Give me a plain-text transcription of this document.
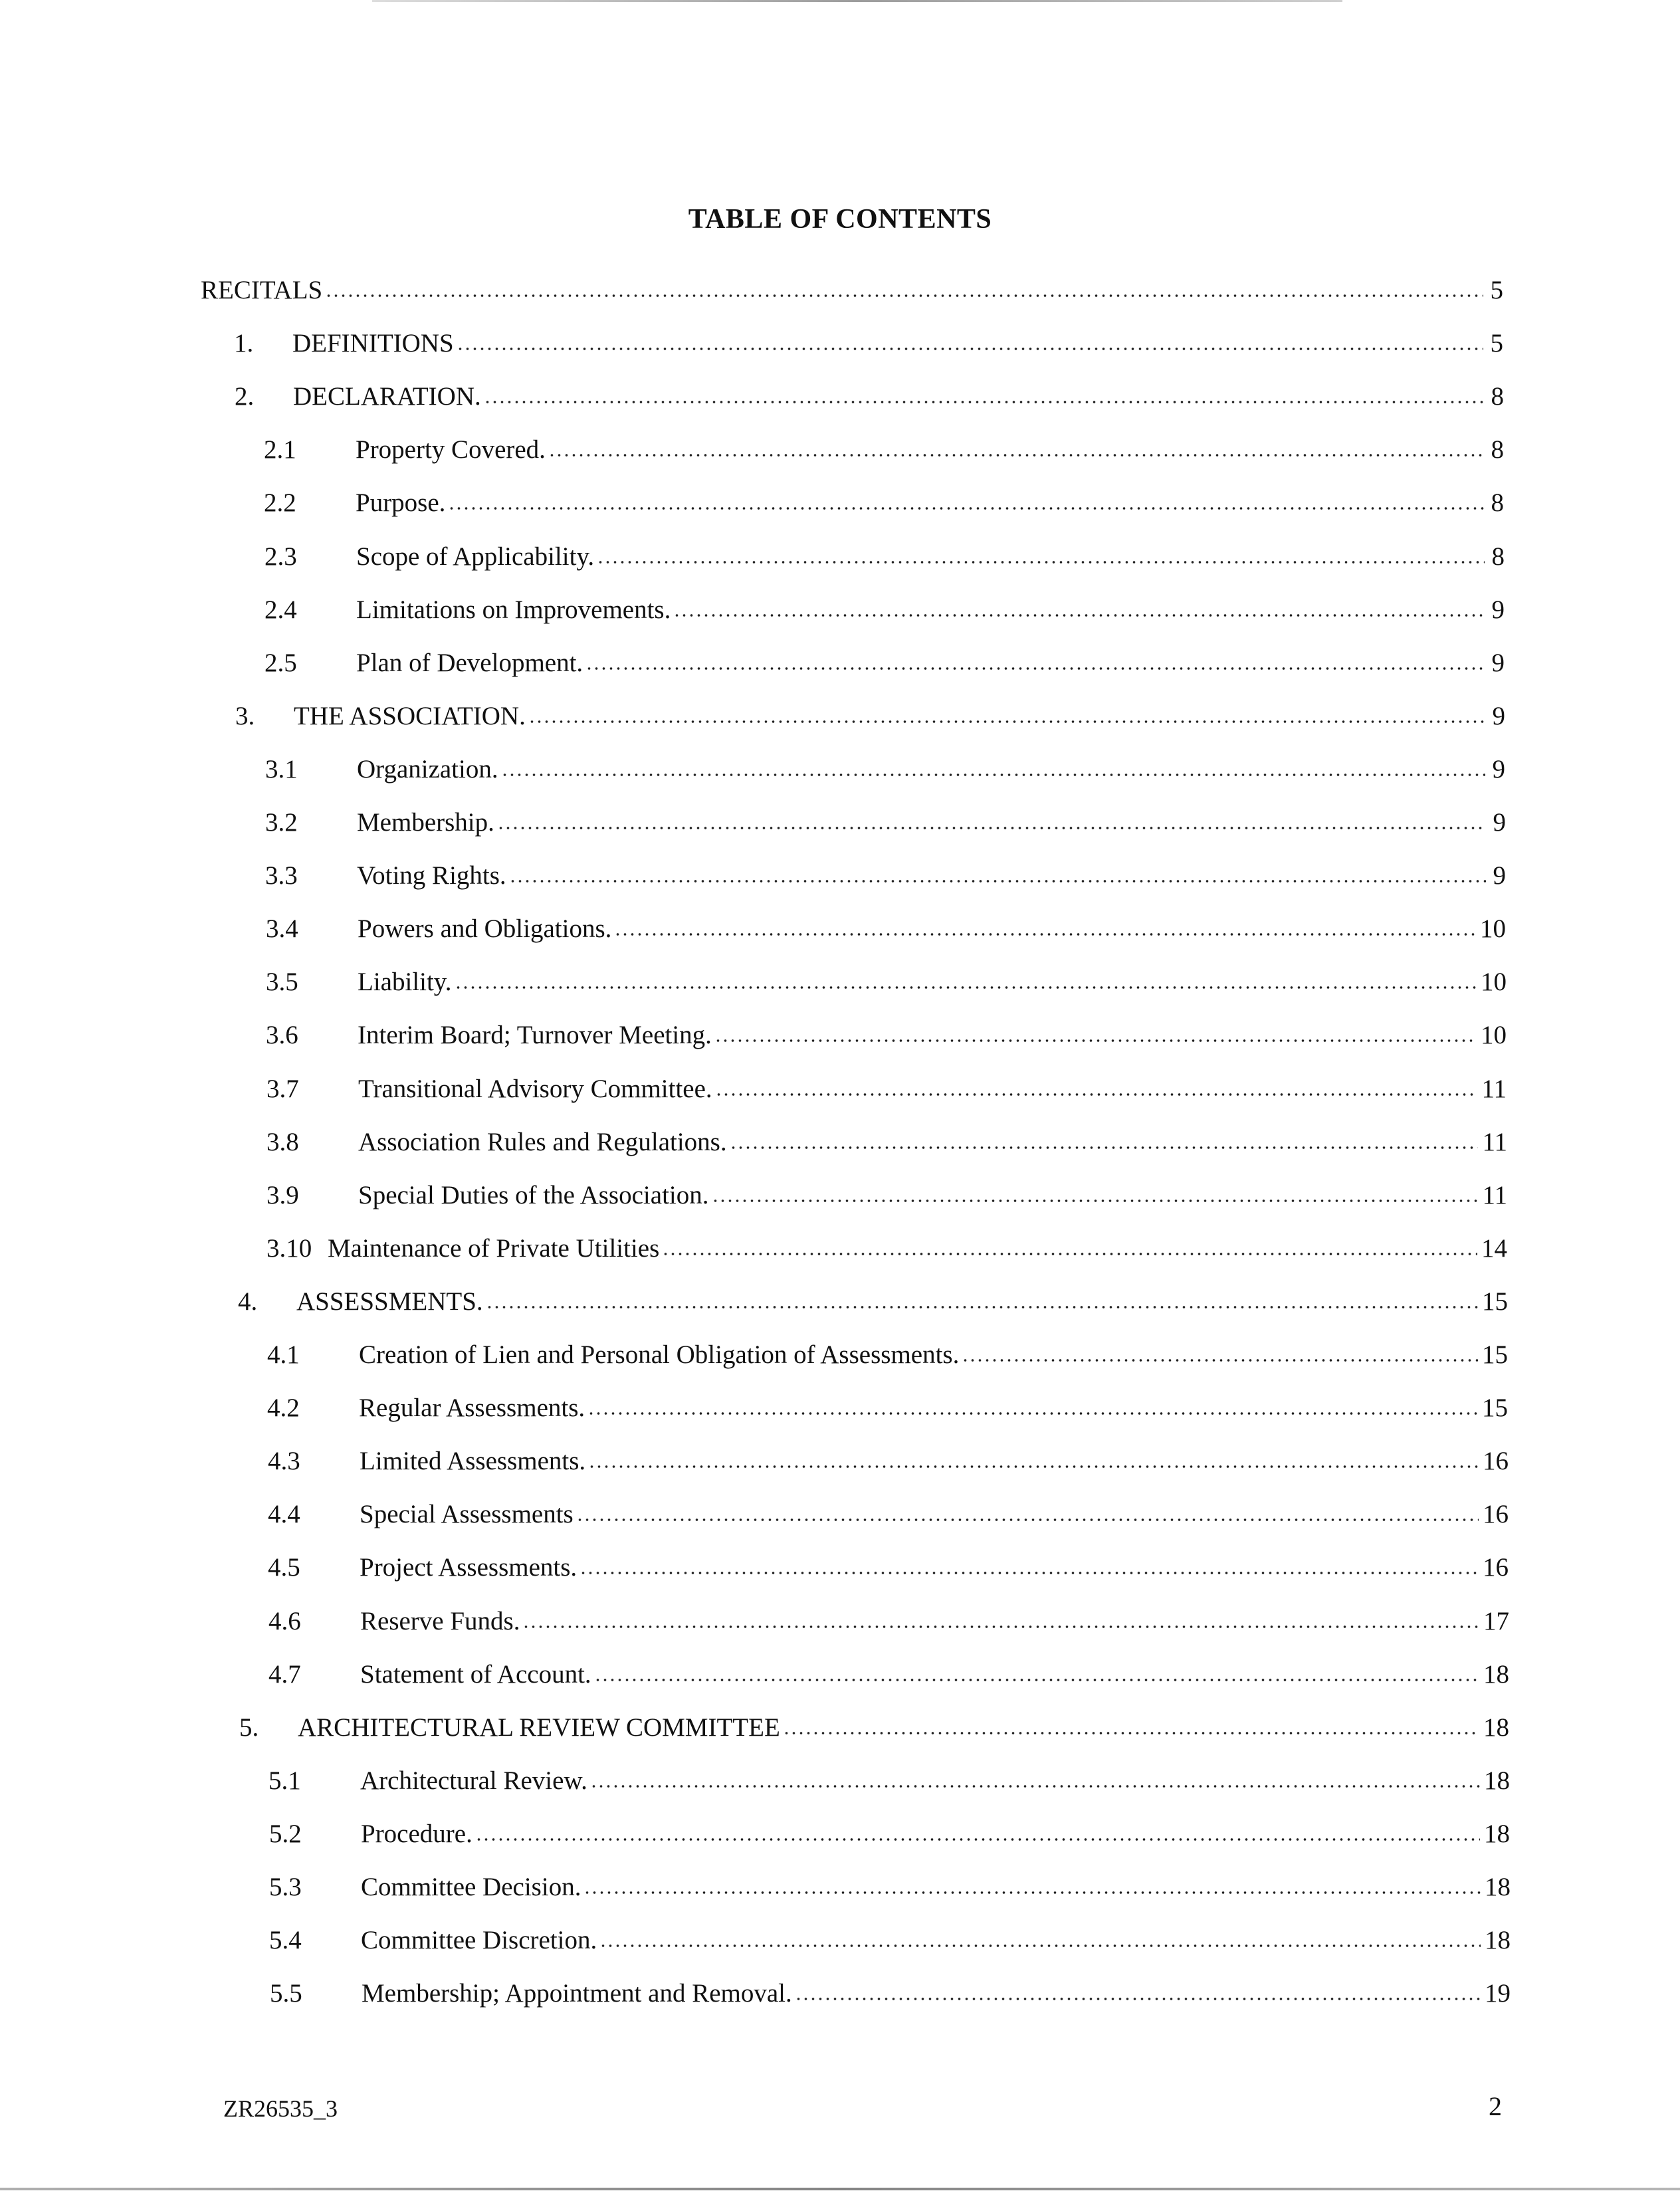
TABLE OF CONTENTS
RECITALS	5
1.	DEFINITIONS	5
2.	DECLARATION.	8
2.1	Property Covered.	8
2.2	Purpose.	8
2.3	Scope of Applicability.	8
2.4	Limitations on Improvements.	9
2.5	Plan of Development.	9
3.	THE ASSOCIATION.	9
3.1	Organization.	9
3.2	Membership.	9
3.3	Voting Rights.	9
3.4	Powers and Obligations.	10
3.5	Liability.	10
3.6	Interim Board; Turnover Meeting.	10
3.7	Transitional Advisory Committee.	11
3.8	Association Rules and Regulations.	11
3.9	Special Duties of the Association.	11
3.10 Maintenance of Private Utilities	14
4.	ASSESSMENTS.	15
4.1	Creation of Lien and Personal Obligation of Assessments.	15
4.2	Regular Assessments.	15
4.3	Limited Assessments.	16
4.4	Special Assessments	16
4.5	Project Assessments.	16
4.6	Reserve Funds.	17
4.7	Statement of Account.	18
5.	ARCHITECTURAL REVIEW COMMITTEE	18
5.1	Architectural Review.	18
5.2	Procedure.	18
5.3	Committee Decision.	18
5.4	Committee Discretion.	18
5.5	Membership; Appointment and Removal.	19
ZR26535_3	2
